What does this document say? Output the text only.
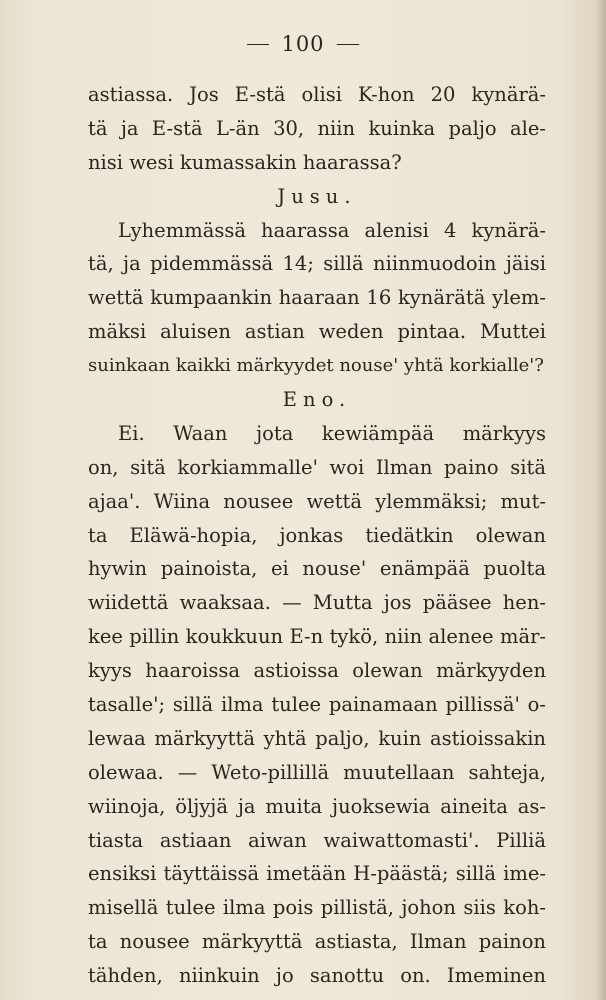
100
astiassa. Jos E-stä olisi K-hon 20 kynärä-
tä ja E-stä L-än 30, niin kuinka paljo ale-
nisi wesi kumassakin haarassa?
Jusu.
Lyhemmässä haarassa alenisi 4 kynärä-
tä, ja pidemmässä 14; sillä niinmuodoin jäisi
wettä kumpaankin haaraan 16 kynärätä ylem-
mäksi aluisen astian weden pintaa. Muttei
suinkaan kaikki märkyydet nouse' yhtä korkialle'?
Eno.
Ei. Waan jota kewiämpää märkyys
on, sitä korkiammalle' woi Ilman paino sitä
ajaa'. Wiina nousee wettä ylemmäksi; mut-
ta Eläwä-hopia, jonkas tiedätkin olewan
hywin painoista, ei nouse' enämpää puolta
wiidettä waaksaa. — Mutta jos pääsee hen-
kee pillin koukkuun E-n tykö, niin alenee mär-
kyys haaroissa astioissa olewan märkyyden
tasalle'; sillä ilma tulee painamaan pillissä' o-
lewaa märkyyttä yhtä paljo, kuin astioissakin
olewaa. — Weto-pillillä muutellaan sahteja,
wiinoja, öljyjä ja muita juoksewia aineita as-
tiasta astiaan aiwan waiwattomasti'. Pilliä
ensiksi täyttäissä imetään H-päästä; sillä ime-
misellä tulee ilma pois pillistä, johon siis koh-
ta nousee märkyyttä astiasta, Ilman painon
tähden, niinkuin jo sanottu on. Imeminen
